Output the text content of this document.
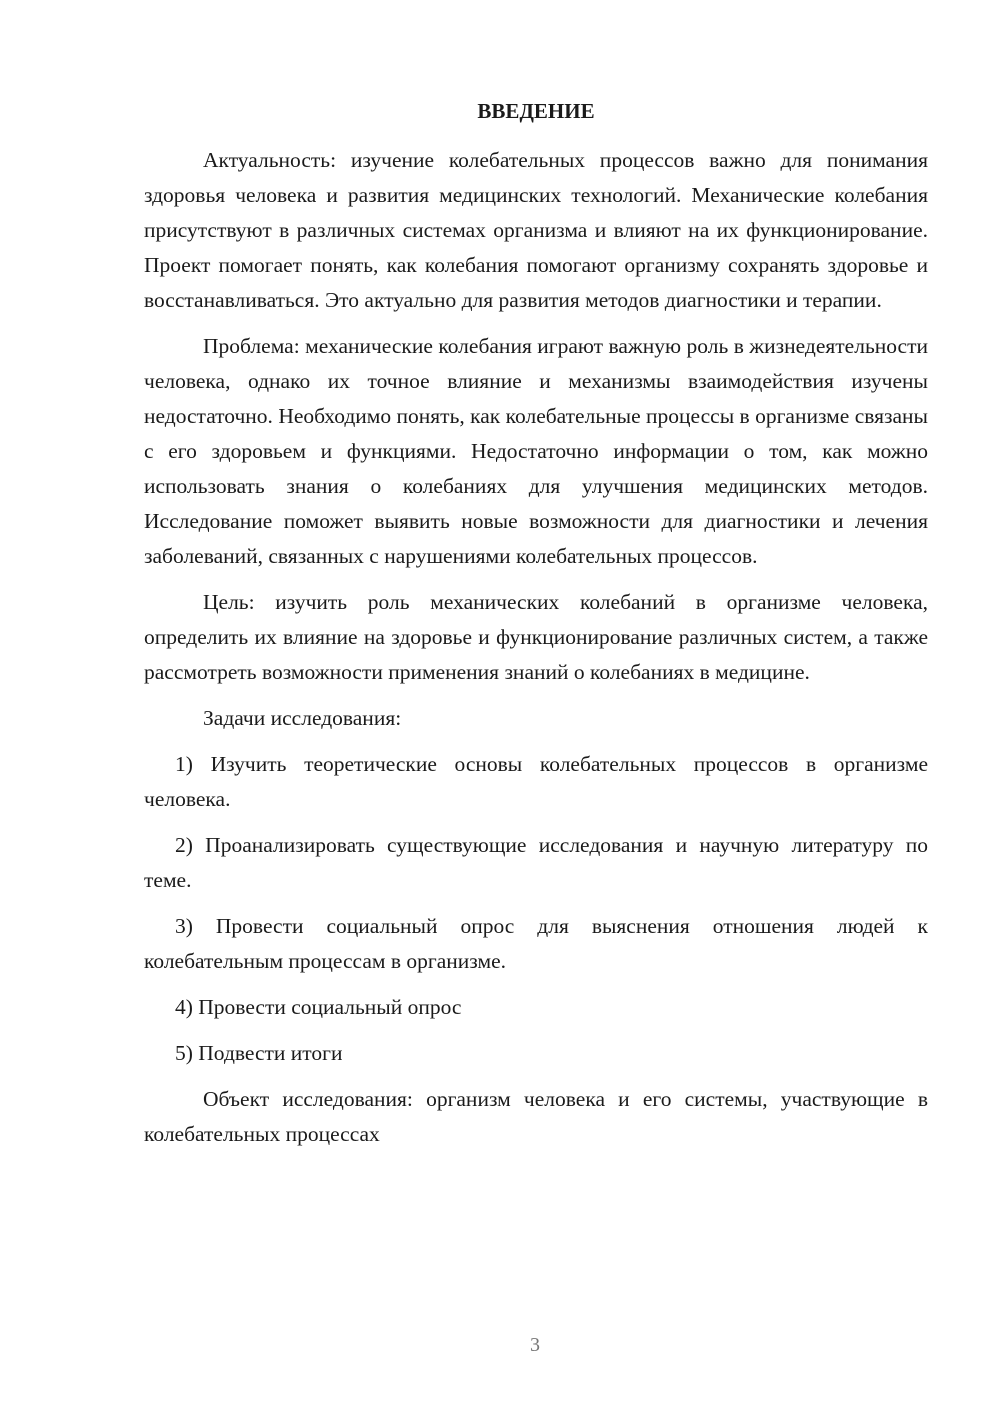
ВВЕДЕНИЕ

Актуальность: изучение колебательных процессов важно для понимания здоровья человека и развития медицинских технологий. Механические колебания присутствуют в различных системах организма и влияют на их функционирование. Проект помогает понять, как колебания помогают организму сохранять здоровье и восстанавливаться. Это актуально для развития методов диагностики и терапии.

Проблема: механические колебания играют важную роль в жизнедеятельности человека, однако их точное влияние и механизмы взаимодействия изучены недостаточно. Необходимо понять, как колебательные процессы в организме связаны с его здоровьем и функциями. Недостаточно информации о том, как можно использовать знания о колебаниях для улучшения медицинских методов. Исследование поможет выявить новые возможности для диагностики и лечения заболеваний, связанных с нарушениями колебательных процессов.

Цель: изучить роль механических колебаний в организме человека, определить их влияние на здоровье и функционирование различных систем, а также рассмотреть возможности применения знаний о колебаниях в медицине.

Задачи исследования:

1) Изучить теоретические основы колебательных процессов в организме человека.

2) Проанализировать существующие исследования и научную литературу по теме.

3) Провести социальный опрос для выяснения отношения людей к колебательным процессам в организме.

4) Провести социальный опрос

5) Подвести итоги

Объект исследования: организм человека и его системы, участвующие в колебательных процессах

3
